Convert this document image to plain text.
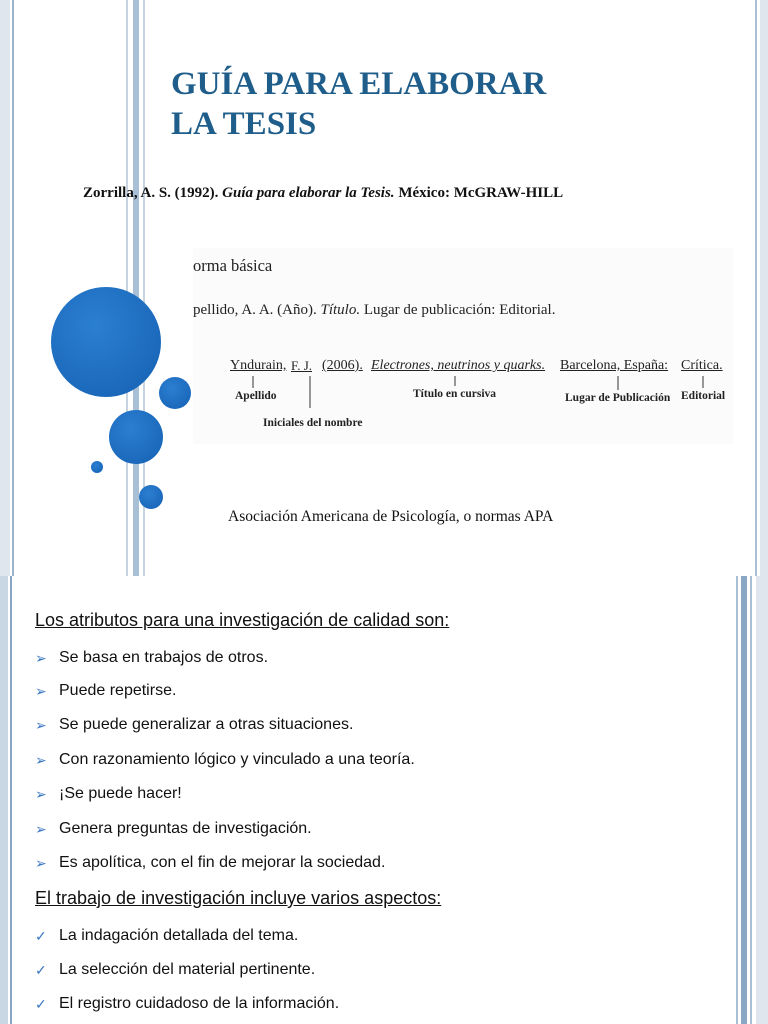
GUÍA PARA ELABORAR
LA TESIS
Zorrilla, A. S. (1992). Guía para elaborar la Tesis. México: McGRAW-HILL
orma básica
pellido, A. A. (Año). Título. Lugar de publicación: Editorial.
Yndurain, F. J. (2006). Electrones, neutrinos y quarks. Barcelona, España: Crítica.
Apellido
Iniciales del nombre
Título en cursiva	Lugar de Publicación Editorial
Asociación Americana de Psicología, o normas APA
Los atributos para una investigación de calidad son:
➢ Se basa en trabajos de otros.
➢ Puede repetirse.
➢ Se puede generalizar a otras situaciones.
➢ Con razonamiento lógico y vinculado a una teoría.
➢ ¡Se puede hacer!
➢ Genera preguntas de investigación.
➢ Es apolítica, con el fin de mejorar la sociedad.
El trabajo de investigación incluye varios aspectos:
✓ La indagación detallada del tema.
✓ La selección del material pertinente.
✓ El registro cuidadoso de la información.
